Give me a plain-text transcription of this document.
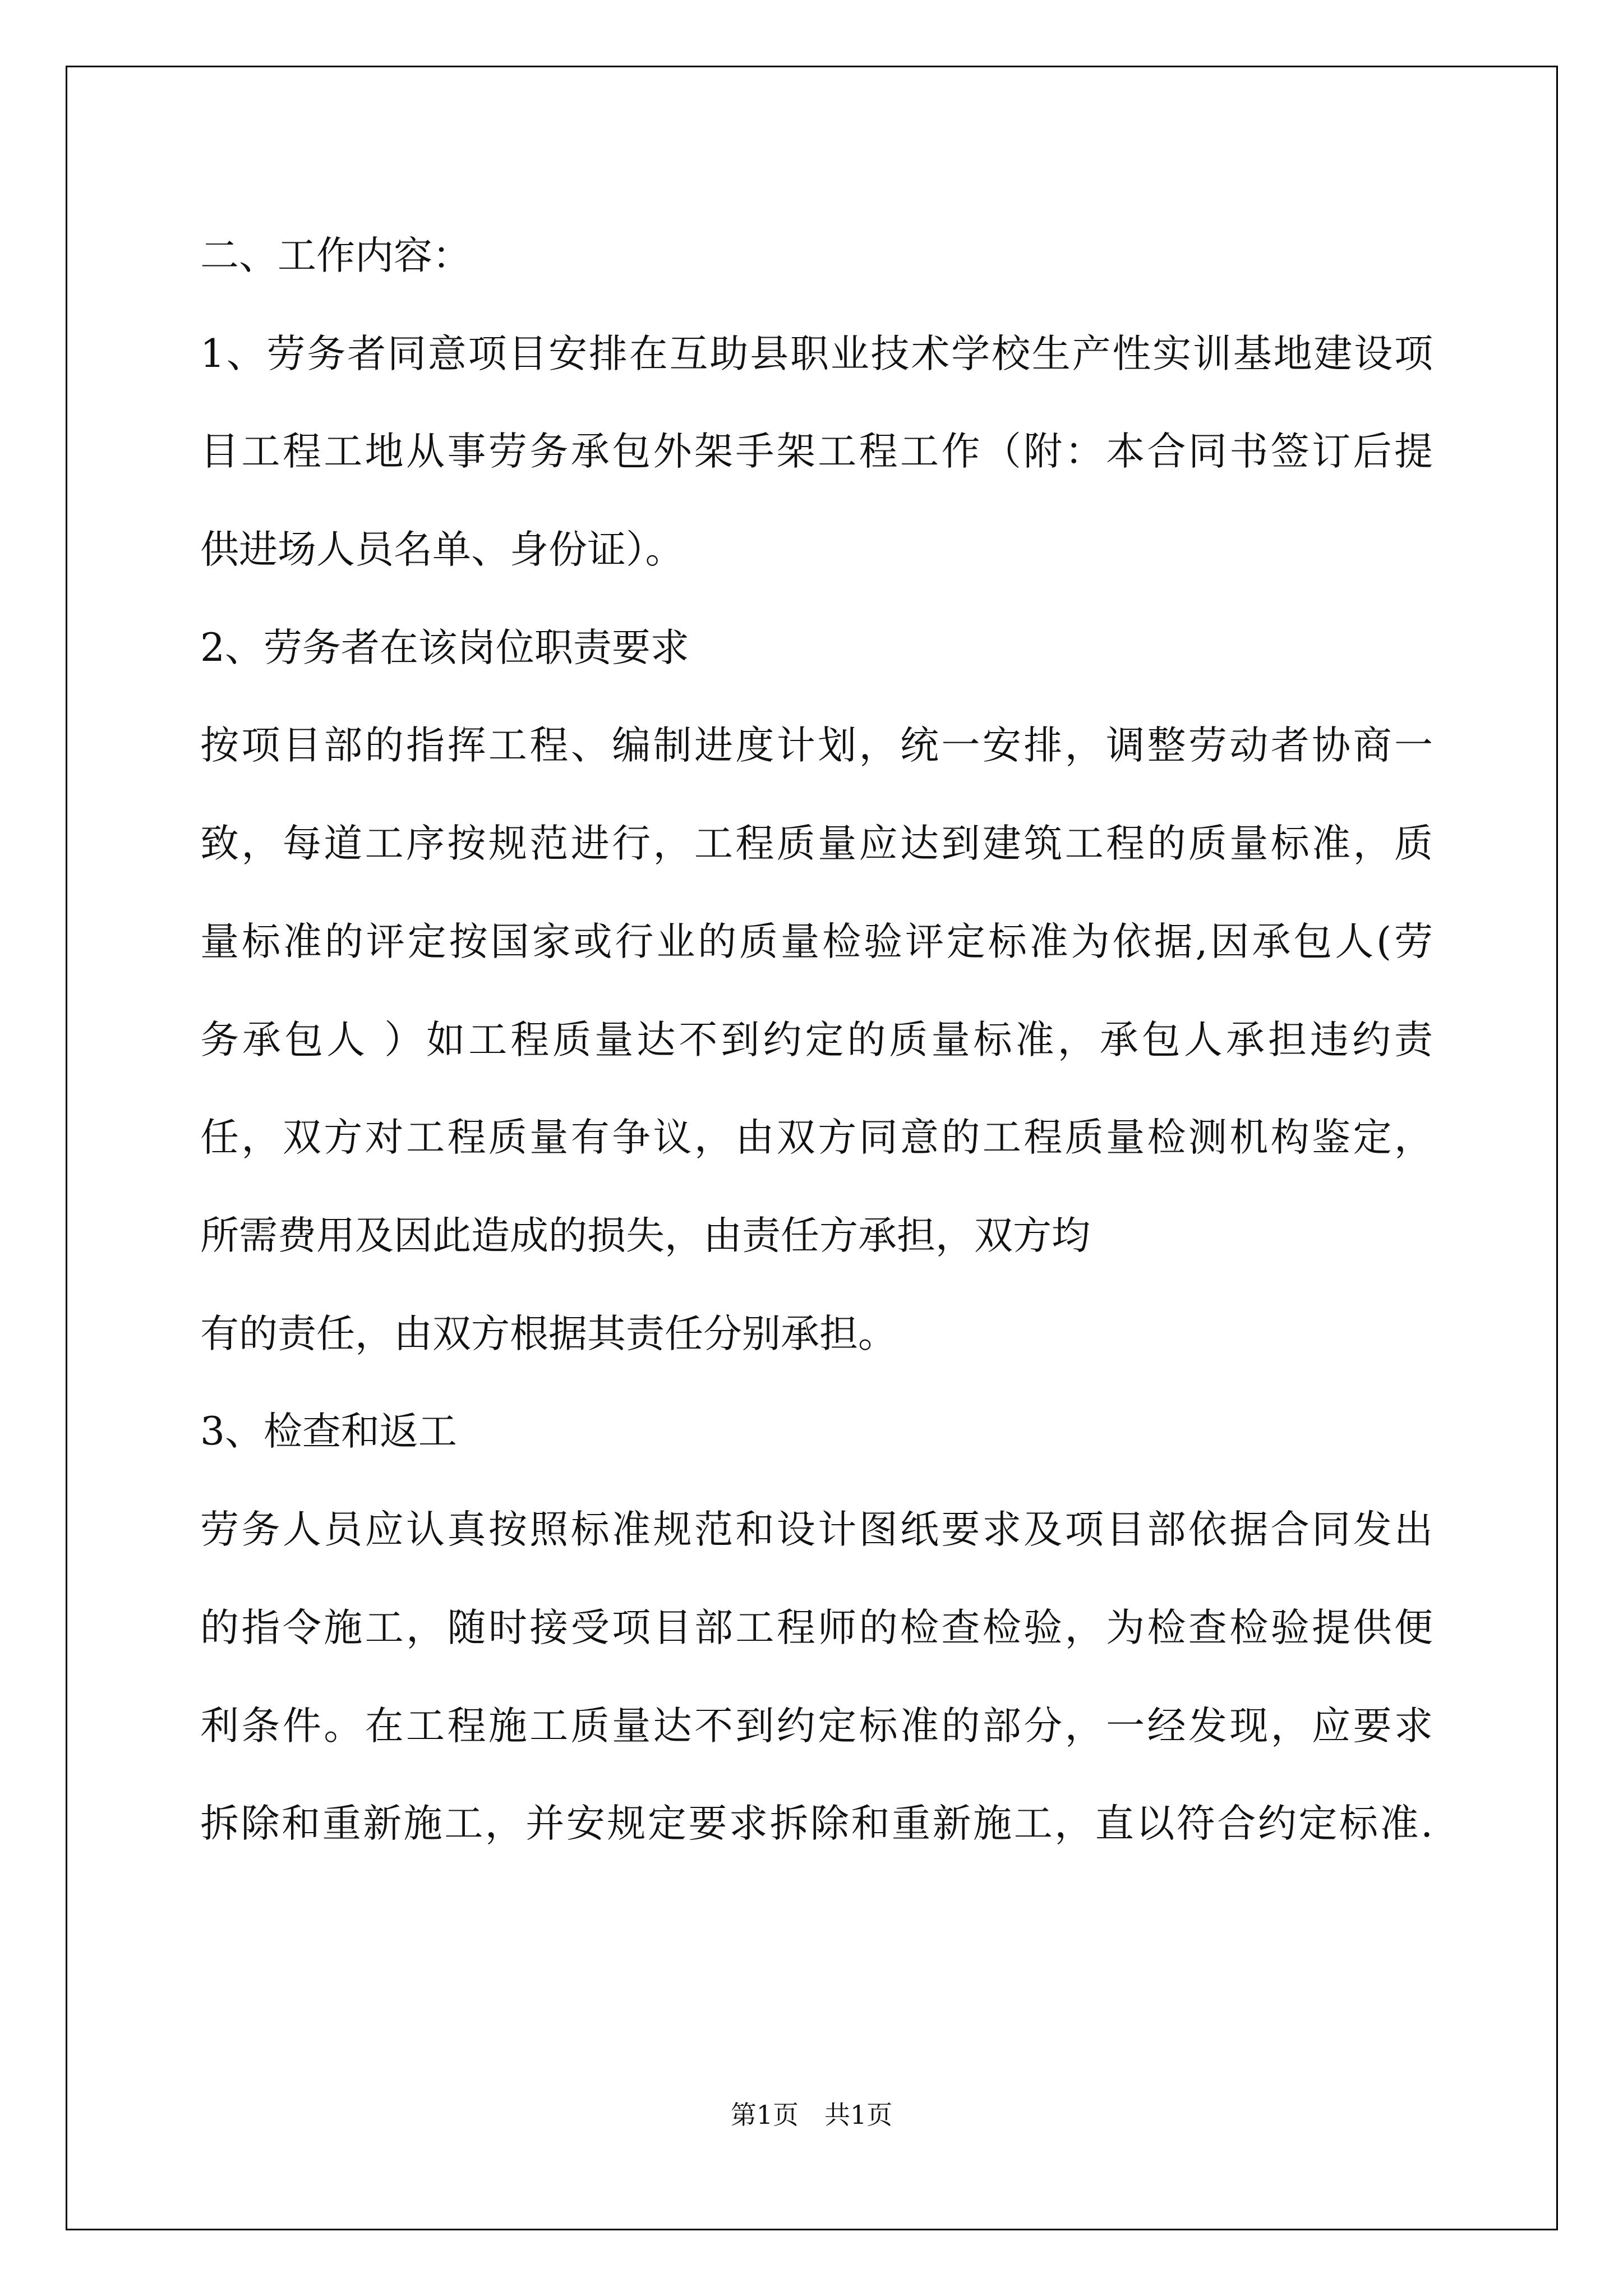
二、工作内容：
1、劳务者同意项目安排在互助县职业技术学校生产性实训基地建设项
目工程工地从事劳务承包外架手架工程工作（附：本合同书签订后提
供进场人员名单、身份证）。
2、劳务者在该岗位职责要求
按项目部的指挥工程、编制进度计划，统一安排，调整劳动者协商一
致，每道工序按规范进行，工程质量应达到建筑工程的质量标准，质
量标准的评定按国家或行业的质量检验评定标准为依据,因承包人(劳
务承包人 ）如工程质量达不到约定的质量标准，承包人承担违约责
任，双方对工程质量有争议，由双方同意的工程质量检测机构鉴定，
所需费用及因此造成的损失，由责任方承担，双方均
有的责任，由双方根据其责任分别承担。
3、检查和返工
劳务人员应认真按照标准规范和设计图纸要求及项目部依据合同发出
的指令施工，随时接受项目部工程师的检查检验，为检查检验提供便
利条件。在工程施工质量达不到约定标准的部分，一经发现，应要求
拆除和重新施工，并安规定要求拆除和重新施工，直以符合约定标准.
第1页　共1页
